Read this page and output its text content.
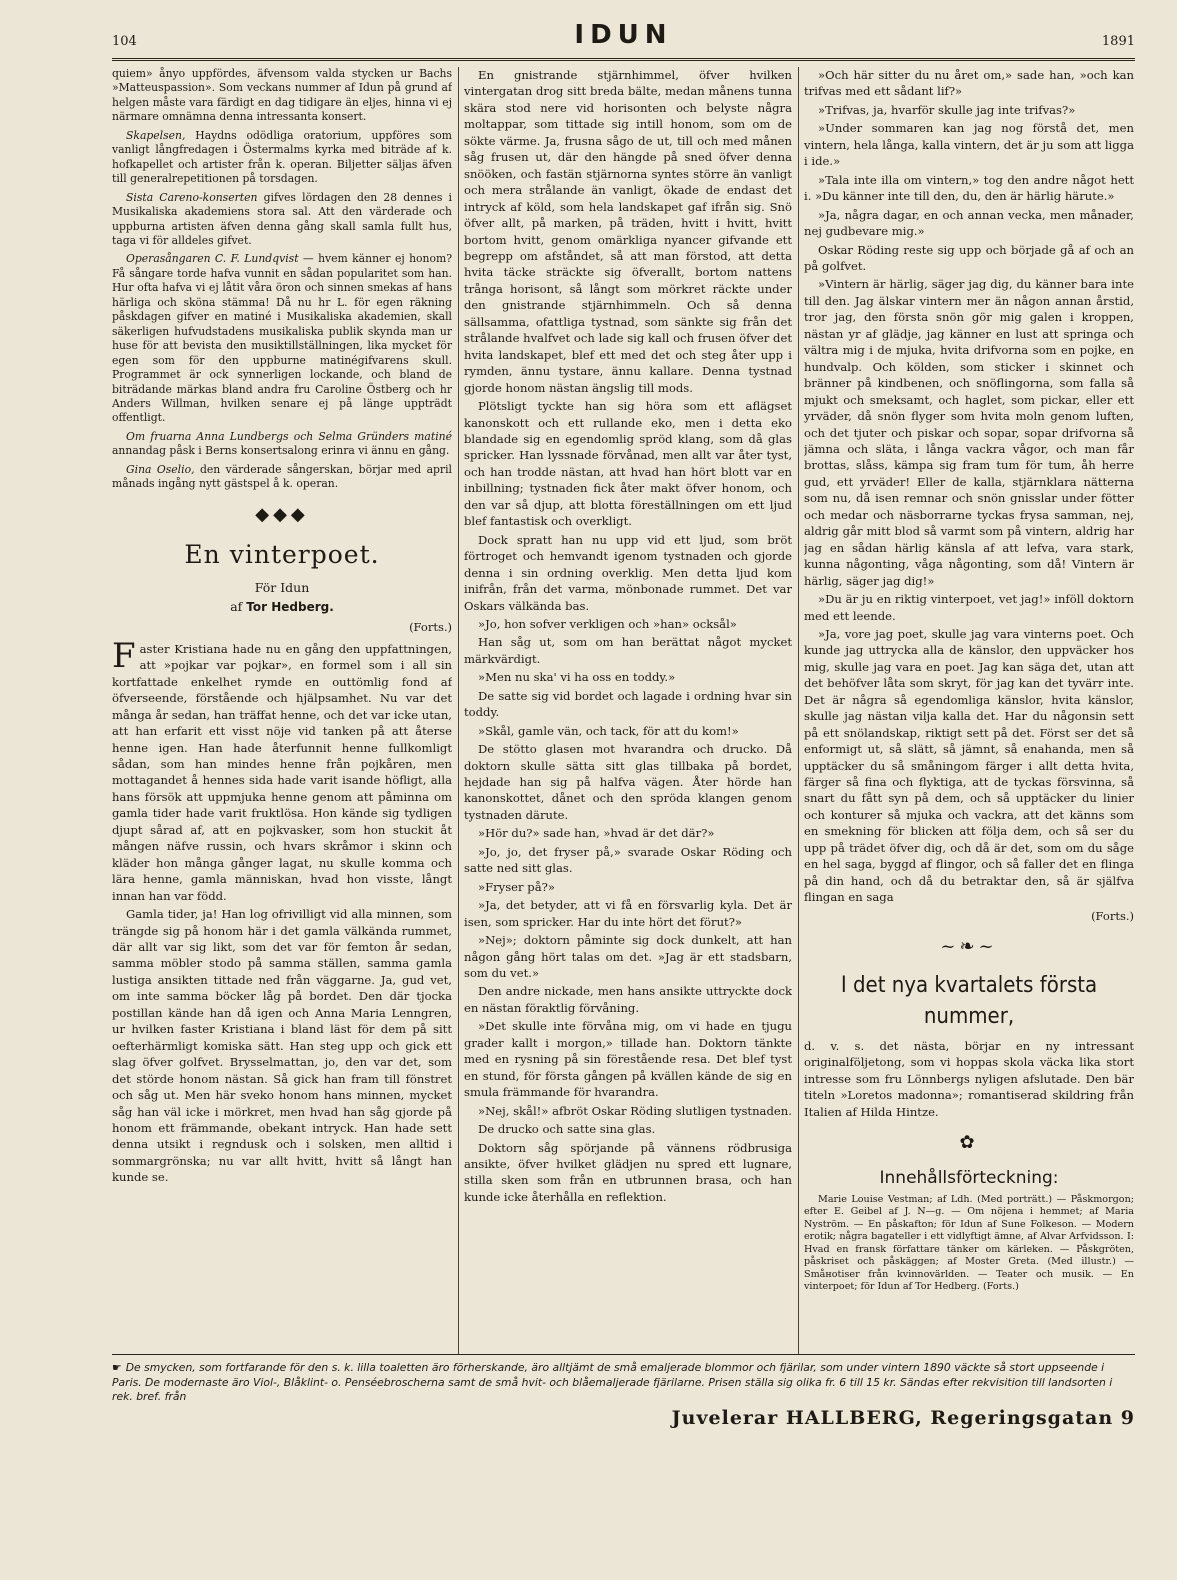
104	IDUN	1891

quiem» ånyo uppfördes, äfvensom valda stycken ur Bachs »Matteuspassion». Som veckans nummer af Idun på grund af helgen måste vara färdigt en dag tidigare än eljes, hinna vi ej närmare omnämna denna intressanta konsert.

Skapelsen, Haydns odödliga oratorium, uppföres som vanligt långfredagen i Östermalms kyrka med biträde af k. hofkapellet och artister från k. operan. Biljetter säljas äfven till generalrepetitionen på torsdagen.

Sista Careno-konserten gifves lördagen den 28 dennes i Musikaliska akademiens stora sal. Att den värderade och uppburna artisten äfven denna gång skall samla fullt hus, taga vi för alldeles gifvet.

Operasångaren C. F. Lundqvist — hvem känner ej honom? Få sångare torde hafva vunnit en sådan popularitet som han. Hur ofta hafva vi ej låtit våra öron och sinnen smekas af hans härliga och sköna stämma! Då nu hr L. för egen räkning påskdagen gifver en matiné i Musikaliska akademien, skall säkerligen hufvudstadens musikaliska publik skynda man ur huse för att bevista den musiktillställningen, lika mycket för egen som för den uppburne matinégifvarens skull. Programmet är ock synnerligen lockande, och bland de biträdande märkas bland andra fru Caroline Östberg och hr Anders Willman, hvilken senare ej på länge uppträdt offentligt.

Om fruarna Anna Lundbergs och Selma Gründers matiné annandag påsk i Berns konsertsalong erinra vi ännu en gång.

Gina Oselio, den värderade sångerskan, börjar med april månads ingång nytt gästspel å k. operan.

◆◆◆
En vinterpoet.
För Idun
af Tor Hedberg.
(Forts.)

Faster Kristiana hade nu en gång den uppfattningen, att »pojkar var pojkar», en formel som i all sin kortfattade enkelhet rymde en outtömlig fond af öfverseende, förstående och hjälpsamhet. Nu var det många år sedan, han träffat henne, och det var icke utan, att han erfarit ett visst nöje vid tanken på att återse henne igen. Han hade återfunnit henne fullkomligt sådan, som han mindes henne från pojkåren, men mottagandet å hennes sida hade varit isande höfligt, alla hans försök att uppmjuka henne genom att påminna om gamla tider hade varit fruktlösa. Hon kände sig tydligen djupt sårad af, att en pojkvasker, som hon stuckit åt mången näfve russin, och hvars skråmor i skinn och kläder hon många gånger lagat, nu skulle komma och lära henne, gamla människan, hvad hon visste, långt innan han var född.

Gamla tider, ja! Han log ofrivilligt vid alla minnen, som trängde sig på honom här i det gamla välkända rummet, där allt var sig likt, som det var för femton år sedan, samma möbler stodo på samma ställen, samma gamla lustiga ansikten tittade ned från väggarne. Ja, gud vet, om inte samma böcker låg på bordet. Den där tjocka postillan kände han då igen och Anna Maria Lenngren, ur hvilken faster Kristiana i bland läst för dem på sitt oefterhärmligt komiska sätt. Han steg upp och gick ett slag öfver golfvet. Brysselmattan, jo, den var det, som det störde honom nästan. Så gick han fram till fönstret och såg ut. Men här sveko honom hans minnen, mycket såg han väl icke i mörkret, men hvad han såg gjorde på honom ett främmande, obekant intryck. Han hade sett denna utsikt i regndusk och i solsken, men alltid i sommargrönska; nu var allt hvitt, hvitt så långt han kunde se.

En gnistrande stjärnhimmel, öfver hvilken vintergatan drog sitt breda bälte, medan månens tunna skära stod nere vid horisonten och belyste några moltappar, som tittade sig intill honom, som om de sökte värme. Ja, frusna sågo de ut, till och med månen såg frusen ut, där den hängde på sned öfver denna snööken, och fastän stjärnorna syntes större än vanligt och mera strålande än vanligt, ökade de endast det intryck af köld, som hela landskapet gaf ifrån sig. Snö öfver allt, på marken, på träden, hvitt i hvitt, hvitt bortom hvitt, genom omärkliga nyancer gifvande ett begrepp om afståndet, så att man förstod, att detta hvita täcke sträckte sig öfverallt, bortom nattens trånga horisont, så långt som mörkret räckte under den gnistrande stjärnhimmeln. Och så denna sällsamma, ofattliga tystnad, som sänkte sig från det strålande hvalfvet och lade sig kall och frusen öfver det hvita landskapet, blef ett med det och steg åter upp i rymden, ännu tystare, ännu kallare. Denna tystnad gjorde honom nästan ängslig till mods.

Plötsligt tyckte han sig höra som ett aflägset kanonskott och ett rullande eko, men i detta eko blandade sig en egendomlig spröd klang, som då glas spricker. Han lyssnade förvånad, men allt var åter tyst, och han trodde nästan, att hvad han hört blott var en inbillning; tystnaden fick åter makt öfver honom, och den var så djup, att blotta föreställningen om ett ljud blef fantastisk och overkligt.

Dock spratt han nu upp vid ett ljud, som bröt förtroget och hemvandt igenom tystnaden och gjorde denna i sin ordning overklig. Men detta ljud kom inifrån, från det varma, mönbonade rummet. Det var Oskars välkända bas.

»Jo, hon sofver verkligen och »han» ocksål»

Han såg ut, som om han berättat något mycket märkvärdigt.

»Men nu ska' vi ha oss en toddy.»

De satte sig vid bordet och lagade i ordning hvar sin toddy.

»Skål, gamle vän, och tack, för att du kom!»

De stötto glasen mot hvarandra och druckо. Då doktorn skulle sätta sitt glas tillbaka på bordet, hejdade han sig på halfva vägen. Åter hörde han kanonskottet, dånet och den spröda klangen genom tystnaden därute.

»Hör du?» sade han, »hvad är det där?»

»Jo, jo, det fryser på,» svarade Oskar Röding och satte ned sitt glas.

»Fryser på?»

»Ja, det betyder, att vi få en försvarlig kyla. Det är isen, som spricker. Har du inte hört det förut?»

»Nej»; doktorn påminte sig dock dunkelt, att han någon gång hört talas om det. »Jag är ett stadsbarn, som du vet.»

Den andre nickade, men hans ansikte uttryckte dock en nästan föraktlig förvåning.

»Det skulle inte förvåna mig, om vi hade en tjugu grader kallt i morgon,» tillade han. Doktorn tänkte med en rysning på sin förestående resa. Det blef tyst en stund, för första gången på kvällen kände de sig en smula främmande för hvarandra.

»Nej, skål!» afbröt Oskar Röding slutligen tystnaden.

De druckо och satte sina glas.

Doktorn såg spörjande på vännens rödbrusiga ansikte, öfver hvilket glädjen nu spred ett lugnare, stilla sken som från en utbrunnen brasa, och han kunde icke återhålla en reflektion.

»Och här sitter du nu året om,» sade han, »och kan trifvas med ett sådant lif?»

»Trifvas, ja, hvarför skulle jag inte trifvas?»

»Under sommaren kan jag nog förstå det, men vintern, hela långa, kalla vintern, det är ju som att ligga i ide.»

»Tala inte illa om vintern,» tog den andre något hett i. »Du känner inte till den, du, den är härlig härute.»

»Ja, några dagar, en och annan vecka, men månader, nej gudbevare mig.»

Oskar Röding reste sig upp och började gå af och an på golfvet.

»Vintern är härlig, säger jag dig, du känner bara inte till den. Jag älskar vintern mer än någon annan årstid, tror jag, den första snön gör mig galen i kroppen, nästan yr af glädje, jag känner en lust att springa och vältra mig i de mjuka, hvita drifvorna som en pojke, en hundvalp. Och kölden, som sticker i skinnet och bränner på kindbenen, och snöflingorna, som falla så mjukt och smeksamt, och haglet, som pickar, eller ett yrväder, då snön flyger som hvita moln genom luften, och det tjuter och piskar och sopar, sopar drifvorna så jämna och släta, i långa vackra vågor, och man får brottas, slåss, kämpa sig fram tum för tum, åh herre gud, ett yrväder! Eller de kalla, stjärnklara nätterna som nu, då isen remnar och snön gnisslar under fötter och medar och näsborrarne tyckas frysa samman, nej, aldrig går mitt blod så varmt som på vintern, aldrig har jag en sådan härlig känsla af att lefva, vara stark, kunna någonting, våga någonting, som då! Vintern är härlig, säger jag dig!»

»Du är ju en riktig vinterpoet, vet jag!» inföll doktorn med ett leende.

»Ja, vore jag poet, skulle jag vara vinterns poet. Och kunde jag uttrycka alla de känslor, den uppväcker hos mig, skulle jag vara en poet. Jag kan säga det, utan att det behöfver låta som skryt, för jag kan det tyvärr inte. Det är några så egendomliga känslor, hvita känslor, skulle jag nästan vilja kalla det. Har du någonsin sett på ett snölandskap, riktigt sett på det. Först ser det så enformigt ut, så slätt, så jämnt, så enahanda, men så upptäcker du så småningom färger i allt detta hvita, färger så fina och flyktiga, att de tyckas försvinna, så snart du fått syn på dem, och så upptäcker du linier och konturer så mjuka och vackra, att det känns som en smekning för blicken att följa dem, och så ser du upp på trädet öfver dig, och då är det, som om du såge en hel saga, byggd af flingor, och så faller det en flinga på din hand, och då du betraktar den, så är själfva flingan en saga

(Forts.)
~❧~
I det nya kvartalets första nummer,

d. v. s. det nästa, börjar en ny intressant originalföljetong, som vi hoppas skola väcka lika stort intresse som fru Lönnbergs nyligen afslutade. Den bär titeln »Loretos madonna»; romantiserad skildring från Italien af Hilda Hintze.

✿
Innehållsförteckning:

Marie Louise Vestman; af Ldh. (Med porträtt.) — Påskmorgon; efter E. Geibel af J. N—g. — Om nöjena i hemmet; af Maria Nyström. — En påskafton; för Idun af Sune Folkeson. — Modern erotik; några bagateller i ett vidlyftigt ämne, af Alvar Arfvidsson. I: Hvad en fransk författare tänker om kärleken. — Påskgröten, påskriset och påskäggen; af Moster Greta. (Med illustr.) — Småнotiser från kvinnovärlden. — Teater och musik. — En vinterpoet; för Idun af Tor Hedberg. (Forts.)

☛ De smycken, som fortfarande för den s. k. lilla toaletten äro förherskande, äro alltjämt de små emaljerade blommor och fjärilar, som under vintern 1890 väckte så stort uppseende i Paris. De modernaste äro Viol-, Blåklint- o. Penséebroscherna samt de små hvit- och blåemaljerade fjärilarne. Prisen ställa sig olika fr. 6 till 15 kr. Sändas efter rekvisition till landsorten i rek. bref. från
Juvelerar HALLBERG, Regeringsgatan 9
